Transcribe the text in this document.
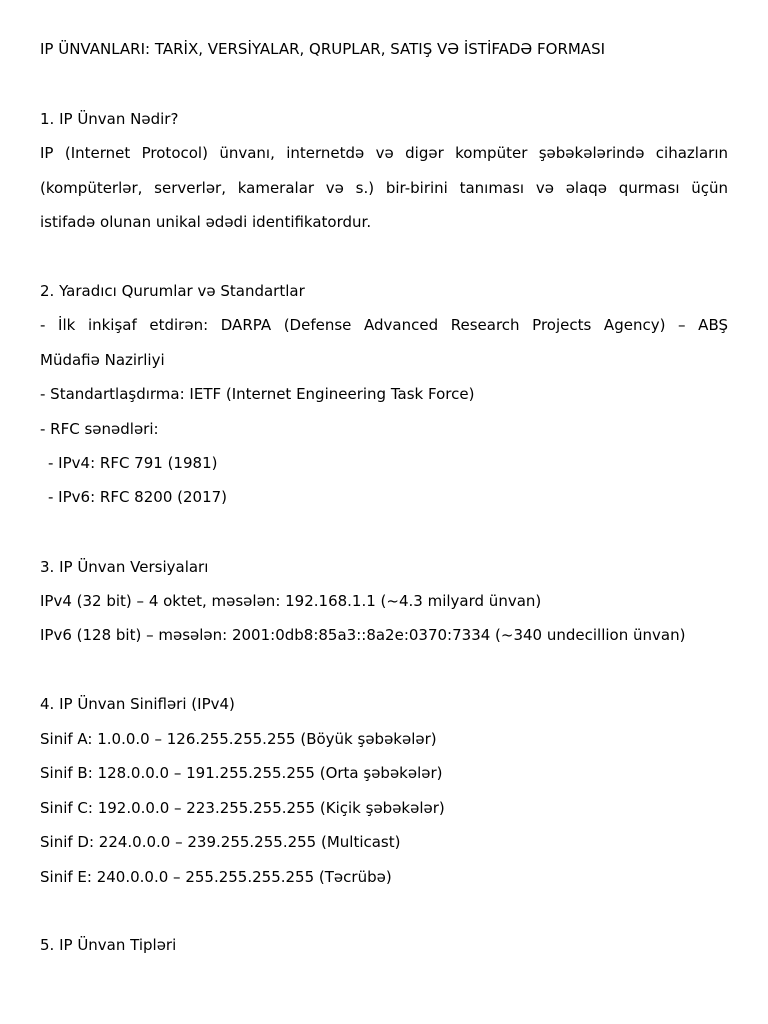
IP ÜNVANLARI: TARİX, VERSİYALAR, QRUPLAR, SATIŞ VƏ İSTİFADƏ FORMASI

1. IP Ünvan Nədir?

IP (Internet Protocol) ünvanı, internetdə və digər kompüter şəbəkələrində cihazların

(kompüterlər, serverlər, kameralar və s.) bir-birini tanıması və əlaqə qurması üçün

istifadə olunan unikal ədədi identifikatordur.

2. Yaradıcı Qurumlar və Standartlar

- İlk inkişaf etdirən: DARPA (Defense Advanced Research Projects Agency) – ABŞ

Müdafiə Nazirliyi

- Standartlaşdırma: IETF (Internet Engineering Task Force)

- RFC sənədləri:

- IPv4: RFC 791 (1981)

- IPv6: RFC 8200 (2017)

3. IP Ünvan Versiyaları

IPv4 (32 bit) – 4 oktet, məsələn: 192.168.1.1 (~4.3 milyard ünvan)

IPv6 (128 bit) – məsələn: 2001:0db8:85a3::8a2e:0370:7334 (~340 undecillion ünvan)

4. IP Ünvan Sinifləri (IPv4)

Sinif A: 1.0.0.0 – 126.255.255.255 (Böyük şəbəkələr)

Sinif B: 128.0.0.0 – 191.255.255.255 (Orta şəbəkələr)

Sinif C: 192.0.0.0 – 223.255.255.255 (Kiçik şəbəkələr)

Sinif D: 224.0.0.0 – 239.255.255.255 (Multicast)

Sinif E: 240.0.0.0 – 255.255.255.255 (Təcrübə)

5. IP Ünvan Tipləri
